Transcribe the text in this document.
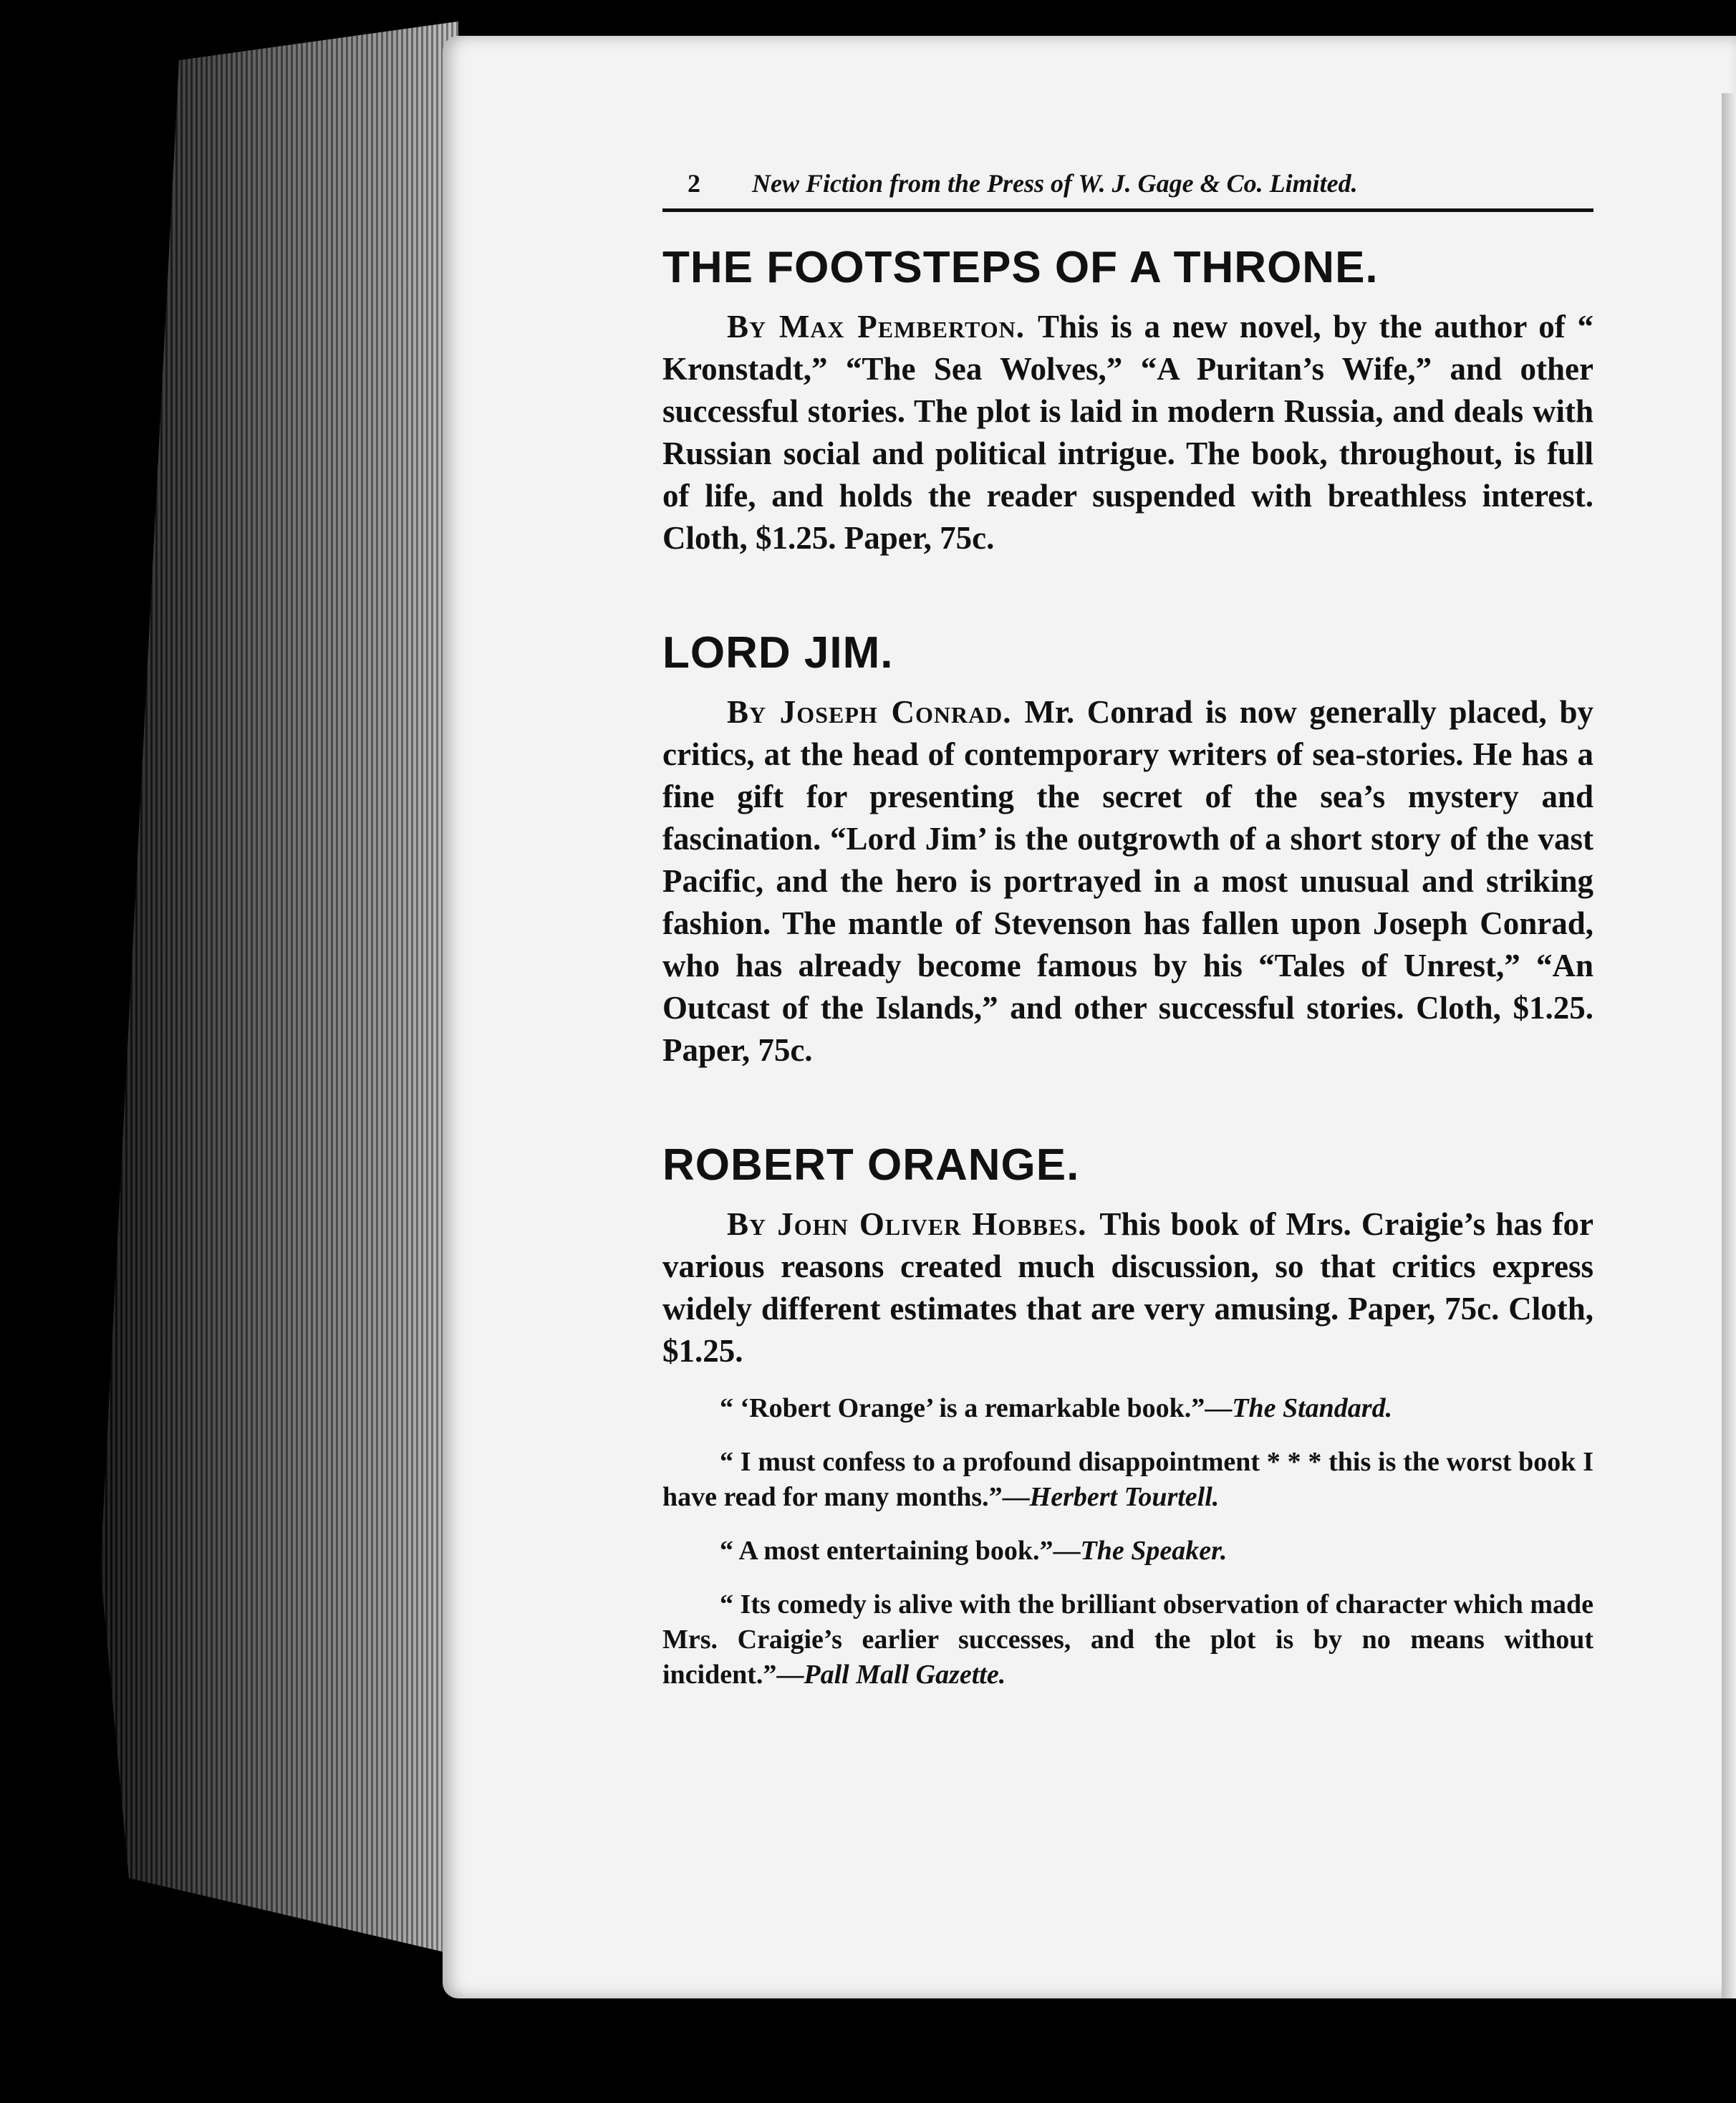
2 New Fiction from the Press of W. J. Gage & Co. Limited.
THE FOOTSTEPS OF A THRONE.

By Max Pemberton. This is a new novel, by the author of “ Kronstadt,” “The Sea Wolves,” “A Puritan’s Wife,” and other successful stories. The plot is laid in modern Russia, and deals with Russian social and political intrigue. The book, throughout, is full of life, and holds the reader suspended with breathless interest. Cloth, $1.25. Paper, 75c.

LORD JIM.

By Joseph Conrad. Mr. Conrad is now generally placed, by critics, at the head of contemporary writers of sea-stories. He has a fine gift for presenting the secret of the sea’s mystery and fascination. “Lord Jim’ is the outgrowth of a short story of the vast Pacific, and the hero is portrayed in a most unusual and striking fashion. The mantle of Stevenson has fallen upon Joseph Conrad, who has already become famous by his “Tales of Unrest,” “An Outcast of the Islands,” and other successful stories. Cloth, $1.25. Paper, 75c.

ROBERT ORANGE.

By John Oliver Hobbes. This book of Mrs. Craigie’s has for various reasons created much discussion, so that critics express widely different estimates that are very amusing. Paper, 75c. Cloth, $1.25.

“ ‘Robert Orange’ is a remarkable book.”—The Standard.

“ I must confess to a profound disappointment * * * this is the worst book I have read for many months.”—Herbert Tourtell.

“ A most entertaining book.”—The Speaker.

“ Its comedy is alive with the brilliant observation of character which made Mrs. Craigie’s earlier successes, and the plot is by no means without incident.”—Pall Mall Gazette.
